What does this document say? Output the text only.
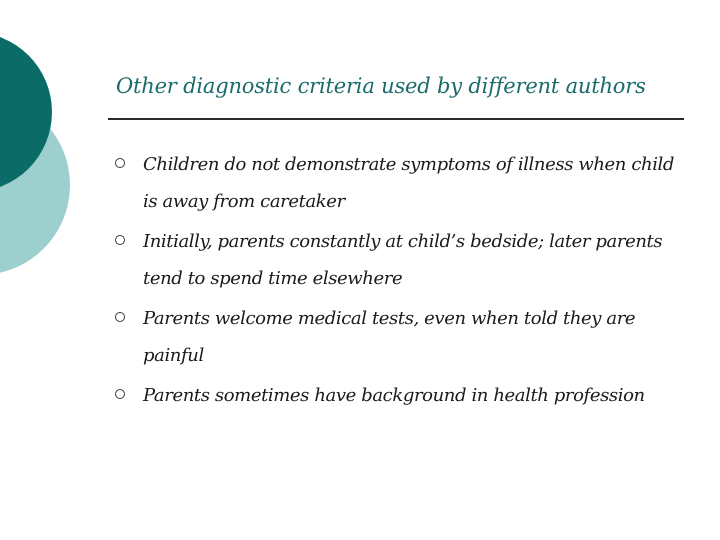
Other diagnostic criteria used by different authors
Children do not demonstrate symptoms of illness when child is away from caretaker
Initially, parents constantly at child’s bedside; later parents tend to spend time elsewhere
Parents welcome medical tests, even when told they are painful
Parents sometimes have background in health profession
